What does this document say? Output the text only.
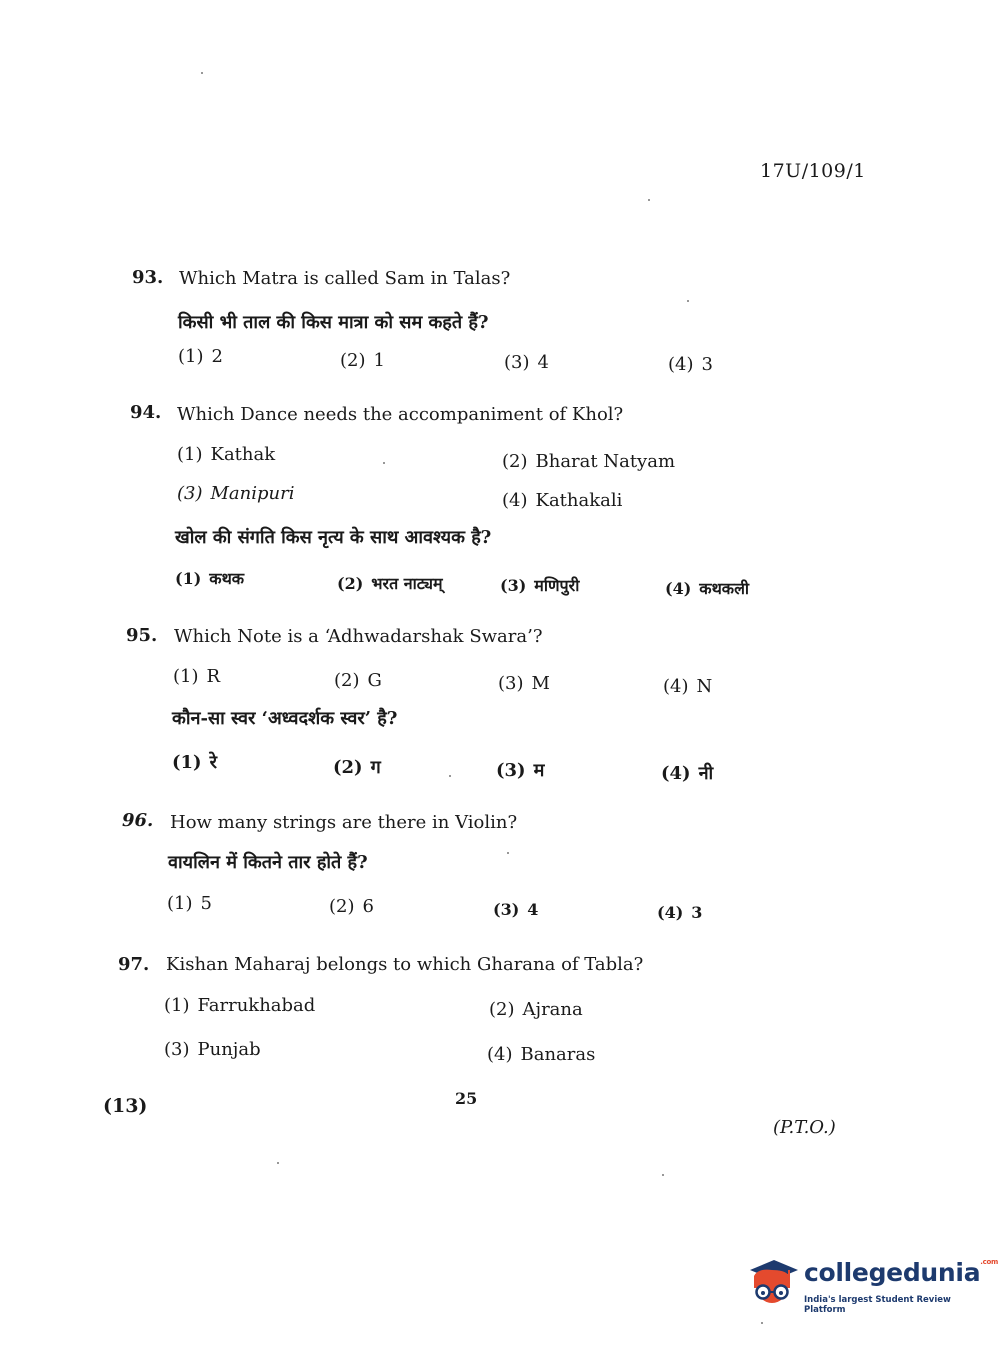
17U/109/1
93. Which Matra is called Sam in Talas?
किसी भी ताल की किस मात्रा को सम कहते हैं?
(1) 2	(2) 1	(3) 4	(4) 3
94. Which Dance needs the accompaniment of Khol?
(1) Kathak	(2) Bharat Natyam
(3) Manipuri	(4) Kathakali
खोल की संगति किस नृत्य के साथ आवश्यक है?
(1) कथक	(2) भरत नाट्यम्	(3) मणिपुरी	(4) कथकली
95. Which Note is a ‘Adhwadarshak Swara’?
(1) R	(2) G	(3) M	(4) N
कौन-सा स्वर ‘अध्वदर्शक स्वर’ है?
(1) रे	(2) ग	(3) म	(4) नी
96. How many strings are there in Violin?
वायलिन में कितने तार होते हैं?
(1) 5	(2) 6	(3) 4	(4) 3
97. Kishan Maharaj belongs to which Gharana of Tabla?
(1) Farrukhabad	(2) Ajrana
(3) Punjab	(4) Banaras
(13)	25
(P.T.O.)
collegedunia$^{.com}$
India's largest Student Review Platform
